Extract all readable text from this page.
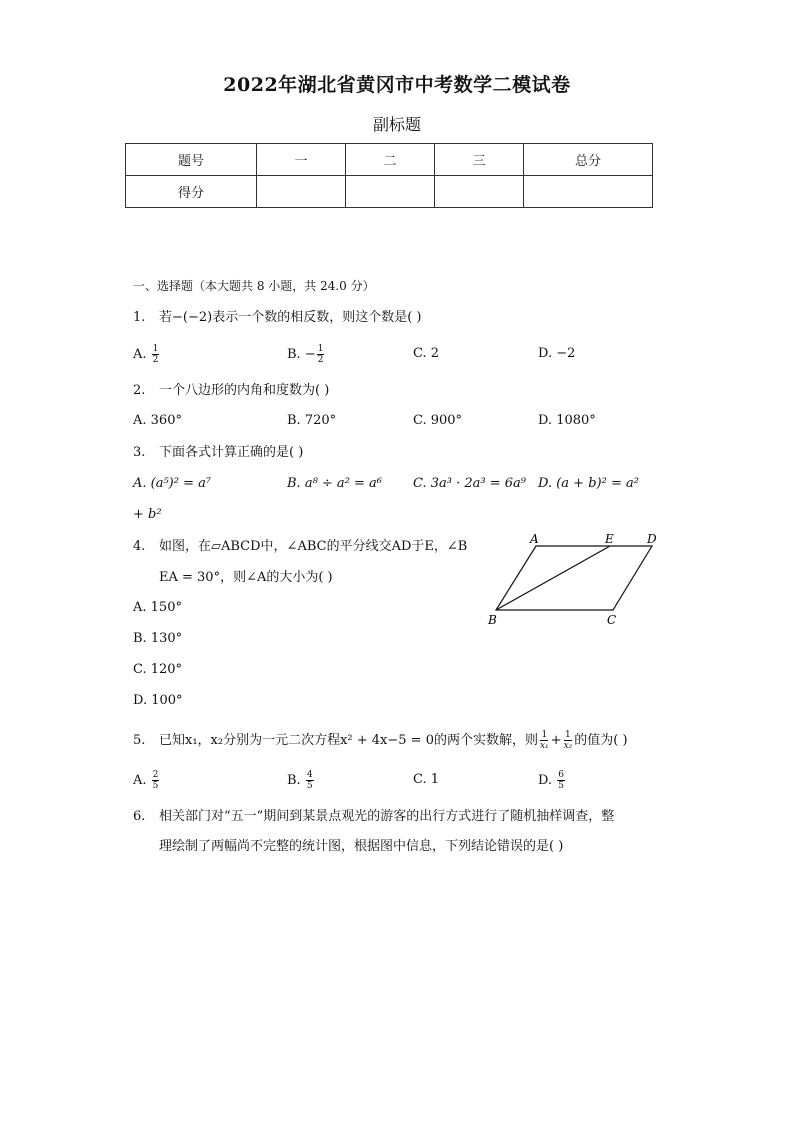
2022年湖北省黄冈市中考数学二模试卷
副标题
题号	一	二	三	总分
得分				
一、选择题（本大题共 8 小题，共 24.0 分）
1. 若−(−2)表示一个数的相反数，则这个数是( )
A. $\frac{1}{2}$	B. − $\frac{1}{2}$	C. 2	D. −2
2. 一个八边形的内角和度数为( )
A. 360°	B. 720°	C. 900°	D. 1080°
3. 下面各式计算正确的是( )
A. (a⁵)² = a⁷	B. a⁸ ÷ a² = a⁶ C. 3a³ · 2a³ = 6a⁹ D. (a + b)² = a²
+ b²
4. 如图，在▱ABCD中，∠ABC的平分线交AD于E，∠B
EA = 30°，则∠A的大小为( )
A. 150°
B. 130°
C. 120°
D. 100°
A	E	D
B	C
5. 已知x₁，x₂分别为一元二次方程x² + 4x−5 = 0的两个实数解，则 $\frac{1}{\text{x₁}} + \frac{1}{\text{x₂}}$ 的值为( )
A. $\frac{2}{5}$	B. $\frac{4}{5}$	C. 1	D. $\frac{6}{5}$
6. 相关部门对“五一”期间到某景点观光的游客的出行方式进行了随机抽样调查，整
理绘制了两幅尚不完整的统计图，根据图中信息，下列结论错误的是( )
